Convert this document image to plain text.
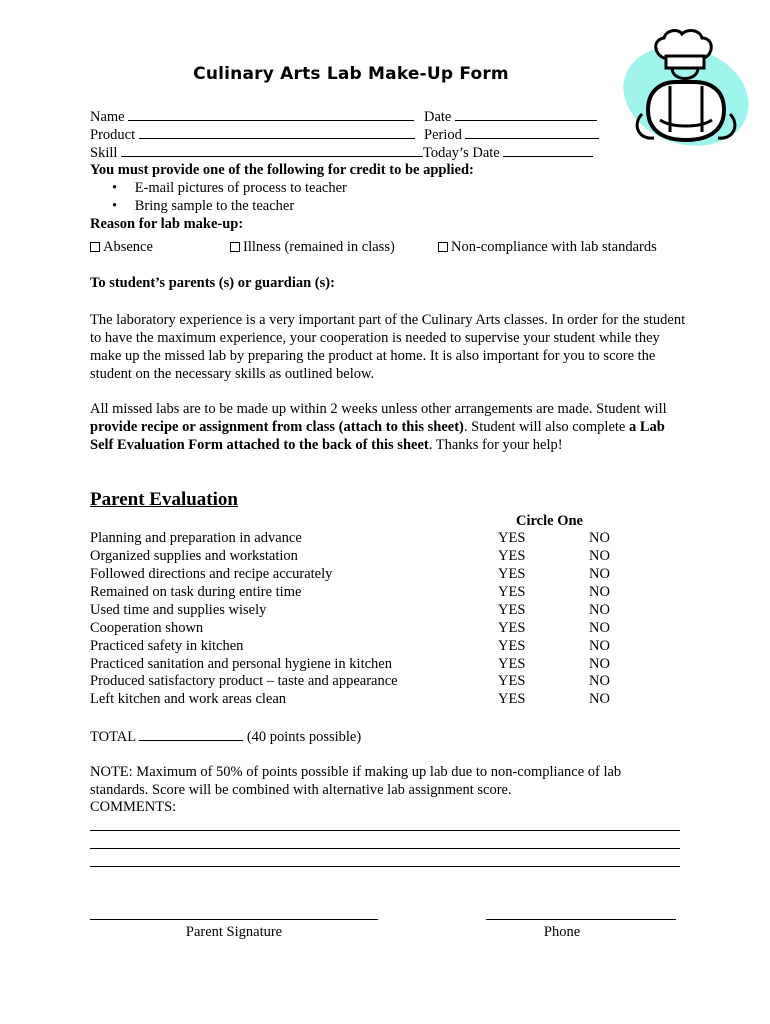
Culinary Arts Lab Make-Up Form
Name	Date
Product	Period
Skill	Today’s Date
You must provide one of the following for credit to be applied:
• E-mail pictures of process to teacher
• Bring sample to the teacher
Reason for lab make-up:
Absence	Illness (remained in class)	Non-compliance with lab standards
To student’s parents (s) or guardian (s):
The laboratory experience is a very important part of the Culinary Arts classes. In order for the student to have the maximum experience, your cooperation is needed to supervise your student while they make up the missed lab by preparing the product at home. It is also important for you to score the student on the necessary skills as outlined below.
All missed labs are to be made up within 2 weeks unless other arrangements are made. Student will provide recipe or assignment from class (attach to this sheet). Student will also complete a Lab Self Evaluation Form attached to the back of this sheet. Thanks for your help!
Parent Evaluation
Circle One
Planning and preparation in advance	YES	NO
Organized supplies and workstation	YES	NO
Followed directions and recipe accurately	YES	NO
Remained on task during entire time	YES	NO
Used time and supplies wisely	YES	NO
Cooperation shown	YES	NO
Practiced safety in kitchen	YES	NO
Practiced sanitation and personal hygiene in kitchen	YES	NO
Produced satisfactory product – taste and appearance	YES	NO
Left kitchen and work areas clean	YES	NO
TOTAL	(40 points possible)
NOTE: Maximum of 50% of points possible if making up lab due to non-compliance of lab standards. Score will be combined with alternative lab assignment score.
COMMENTS:
Parent Signature	Phone
